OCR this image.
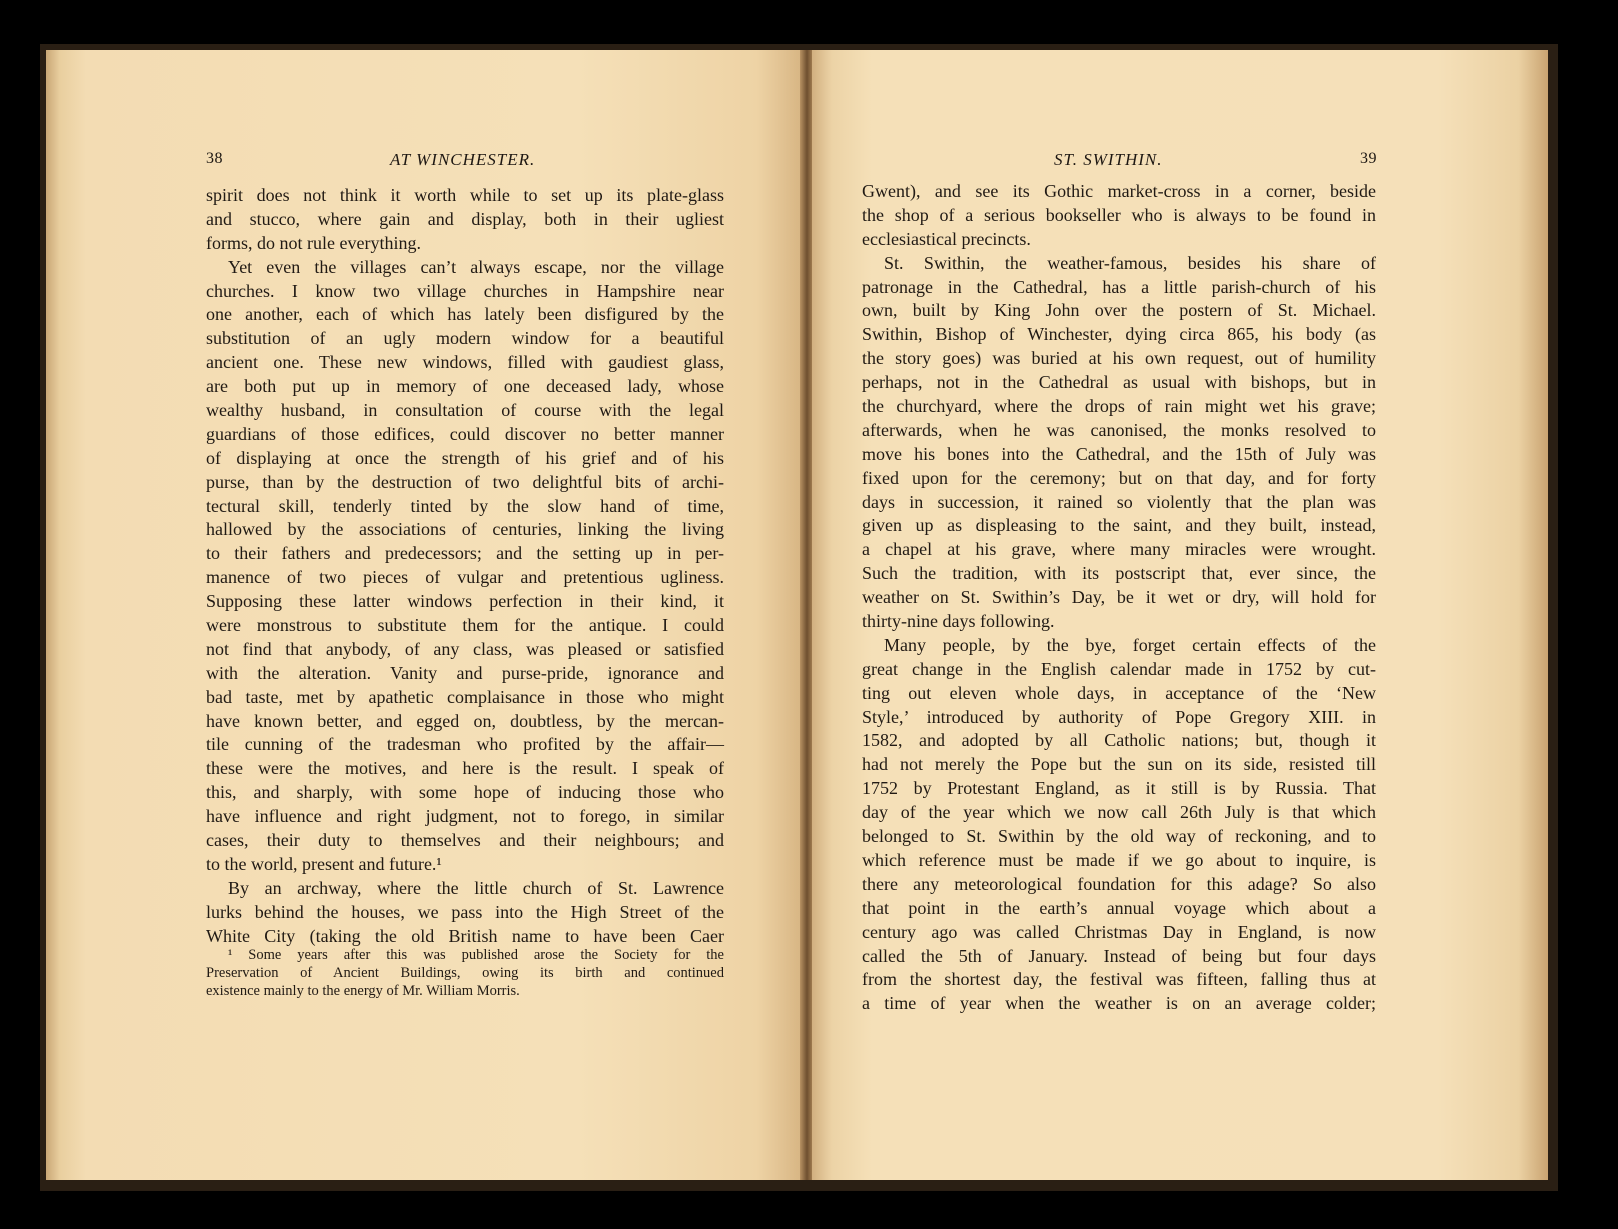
38	AT WINCHESTER.
spirit does not think it worth while to set up its plate-glass
and stucco, where gain and display, both in their ugliest
forms, do not rule everything.
Yet even the villages can’t always escape, nor the village
churches. I know two village churches in Hampshire near
one another, each of which has lately been disfigured by the
substitution of an ugly modern window for a beautiful
ancient one. These new windows, filled with gaudiest glass,
are both put up in memory of one deceased lady, whose
wealthy husband, in consultation of course with the legal
guardians of those edifices, could discover no better manner
of displaying at once the strength of his grief and of his
purse, than by the destruction of two delightful bits of archi-
tectural skill, tenderly tinted by the slow hand of time,
hallowed by the associations of centuries, linking the living
to their fathers and predecessors; and the setting up in per-
manence of two pieces of vulgar and pretentious ugliness.
Supposing these latter windows perfection in their kind, it
were monstrous to substitute them for the antique. I could
not find that anybody, of any class, was pleased or satisfied
with the alteration. Vanity and purse-pride, ignorance and
bad taste, met by apathetic complaisance in those who might
have known better, and egged on, doubtless, by the mercan-
tile cunning of the tradesman who profited by the affair—
these were the motives, and here is the result. I speak of
this, and sharply, with some hope of inducing those who
have influence and right judgment, not to forego, in similar
cases, their duty to themselves and their neighbours; and
to the world, present and future.¹
By an archway, where the little church of St. Lawrence
lurks behind the houses, we pass into the High Street of the
White City (taking the old British name to have been Caer
¹ Some years after this was published arose the Society for the
Preservation of Ancient Buildings, owing its birth and continued
existence mainly to the energy of Mr. William Morris.
ST. SWITHIN.	39
Gwent), and see its Gothic market-cross in a corner, beside
the shop of a serious bookseller who is always to be found in
ecclesiastical precincts.
St. Swithin, the weather-famous, besides his share of
patronage in the Cathedral, has a little parish-church of his
own, built by King John over the postern of St. Michael.
Swithin, Bishop of Winchester, dying circa 865, his body (as
the story goes) was buried at his own request, out of humility
perhaps, not in the Cathedral as usual with bishops, but in
the churchyard, where the drops of rain might wet his grave;
afterwards, when he was canonised, the monks resolved to
move his bones into the Cathedral, and the 15th of July was
fixed upon for the ceremony; but on that day, and for forty
days in succession, it rained so violently that the plan was
given up as displeasing to the saint, and they built, instead,
a chapel at his grave, where many miracles were wrought.
Such the tradition, with its postscript that, ever since, the
weather on St. Swithin’s Day, be it wet or dry, will hold for
thirty-nine days following.
Many people, by the bye, forget certain effects of the
great change in the English calendar made in 1752 by cut-
ting out eleven whole days, in acceptance of the ‘New
Style,’ introduced by authority of Pope Gregory XIII. in
1582, and adopted by all Catholic nations; but, though it
had not merely the Pope but the sun on its side, resisted till
1752 by Protestant England, as it still is by Russia. That
day of the year which we now call 26th July is that which
belonged to St. Swithin by the old way of reckoning, and to
which reference must be made if we go about to inquire, is
there any meteorological foundation for this adage? So also
that point in the earth’s annual voyage which about a
century ago was called Christmas Day in England, is now
called the 5th of January. Instead of being but four days
from the shortest day, the festival was fifteen, falling thus at
a time of year when the weather is on an average colder;
